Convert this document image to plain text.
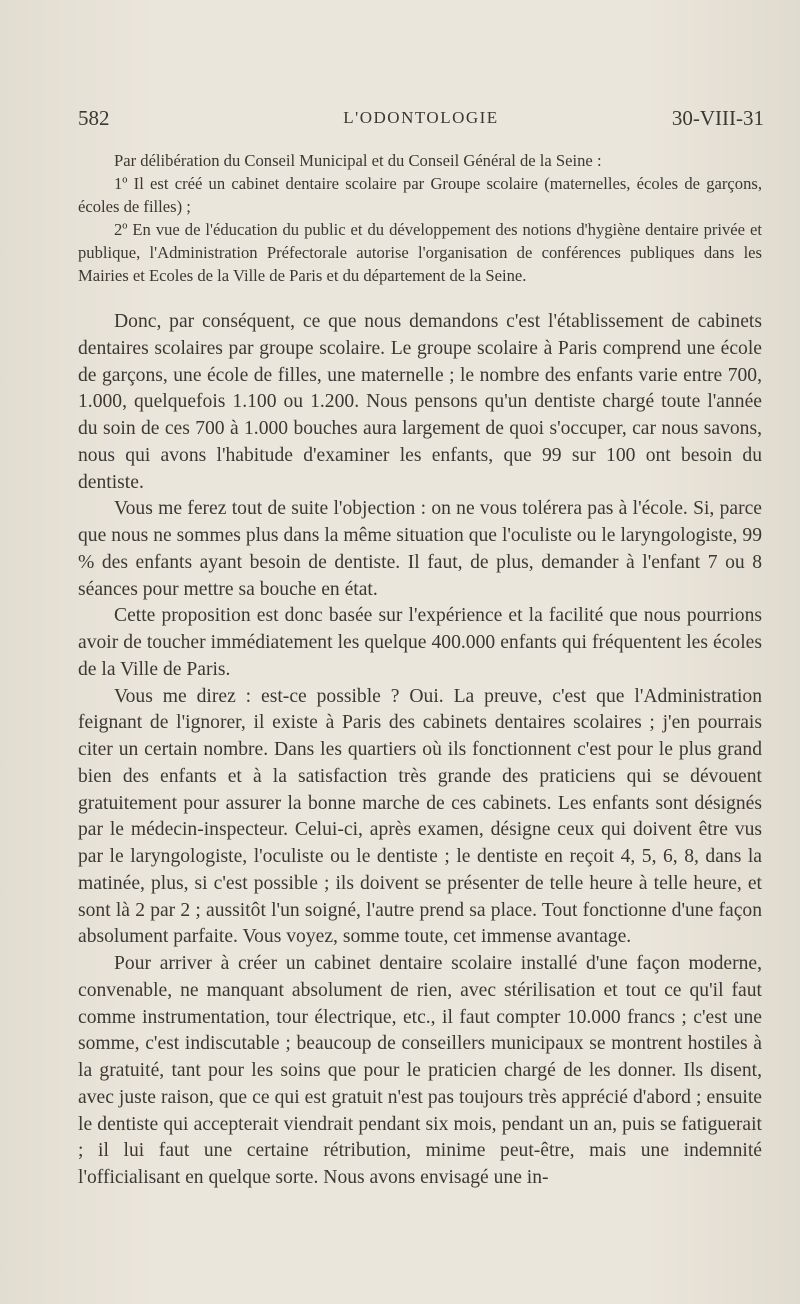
582	L'ODONTOLOGIE	30-VIII-31

Par délibération du Conseil Municipal et du Conseil Général de la Seine :

1º Il est créé un cabinet dentaire scolaire par Groupe scolaire (maternelles, écoles de garçons, écoles de filles) ;

2º En vue de l'éducation du public et du développement des notions d'hygiène dentaire privée et publique, l'Administration Préfectorale autorise l'organisation de conférences publiques dans les Mairies et Ecoles de la Ville de Paris et du département de la Seine.

Donc, par conséquent, ce que nous demandons c'est l'établissement de cabinets dentaires scolaires par groupe scolaire. Le groupe scolaire à Paris comprend une école de garçons, une école de filles, une maternelle ; le nombre des enfants varie entre 700, 1.000, quelquefois 1.100 ou 1.200. Nous pensons qu'un dentiste chargé toute l'année du soin de ces 700 à 1.000 bouches aura largement de quoi s'occuper, car nous savons, nous qui avons l'habitude d'examiner les enfants, que 99 sur 100 ont besoin du dentiste.

Vous me ferez tout de suite l'objection : on ne vous tolérera pas à l'école. Si, parce que nous ne sommes plus dans la même situation que l'oculiste ou le laryngologiste, 99 % des enfants ayant besoin de dentiste. Il faut, de plus, demander à l'enfant 7 ou 8 séances pour mettre sa bouche en état.

Cette proposition est donc basée sur l'expérience et la facilité que nous pourrions avoir de toucher immédiatement les quelque 400.000 enfants qui fréquentent les écoles de la Ville de Paris.

Vous me direz : est-ce possible ? Oui. La preuve, c'est que l'Administration feignant de l'ignorer, il existe à Paris des cabinets dentaires scolaires ; j'en pourrais citer un certain nombre. Dans les quartiers où ils fonctionnent c'est pour le plus grand bien des enfants et à la satisfaction très grande des praticiens qui se dévouent gratuitement pour assurer la bonne marche de ces cabinets. Les enfants sont désignés par le médecin-inspecteur. Celui-ci, après examen, désigne ceux qui doivent être vus par le laryngologiste, l'oculiste ou le dentiste ; le dentiste en reçoit 4, 5, 6, 8, dans la matinée, plus, si c'est possible ; ils doivent se présenter de telle heure à telle heure, et sont là 2 par 2 ; aussitôt l'un soigné, l'autre prend sa place. Tout fonctionne d'une façon absolument parfaite. Vous voyez, somme toute, cet immense avantage.

Pour arriver à créer un cabinet dentaire scolaire installé d'une façon moderne, convenable, ne manquant absolument de rien, avec stérilisation et tout ce qu'il faut comme instrumentation, tour électrique, etc., il faut compter 10.000 francs ; c'est une somme, c'est indiscutable ; beaucoup de conseillers municipaux se montrent hostiles à la gratuité, tant pour les soins que pour le praticien chargé de les donner. Ils disent, avec juste raison, que ce qui est gratuit n'est pas toujours très apprécié d'abord ; ensuite le dentiste qui accepterait viendrait pendant six mois, pendant un an, puis se fatiguerait ; il lui faut une certaine rétribution, minime peut-être, mais une indemnité l'officialisant en quelque sorte. Nous avons envisagé une in-
